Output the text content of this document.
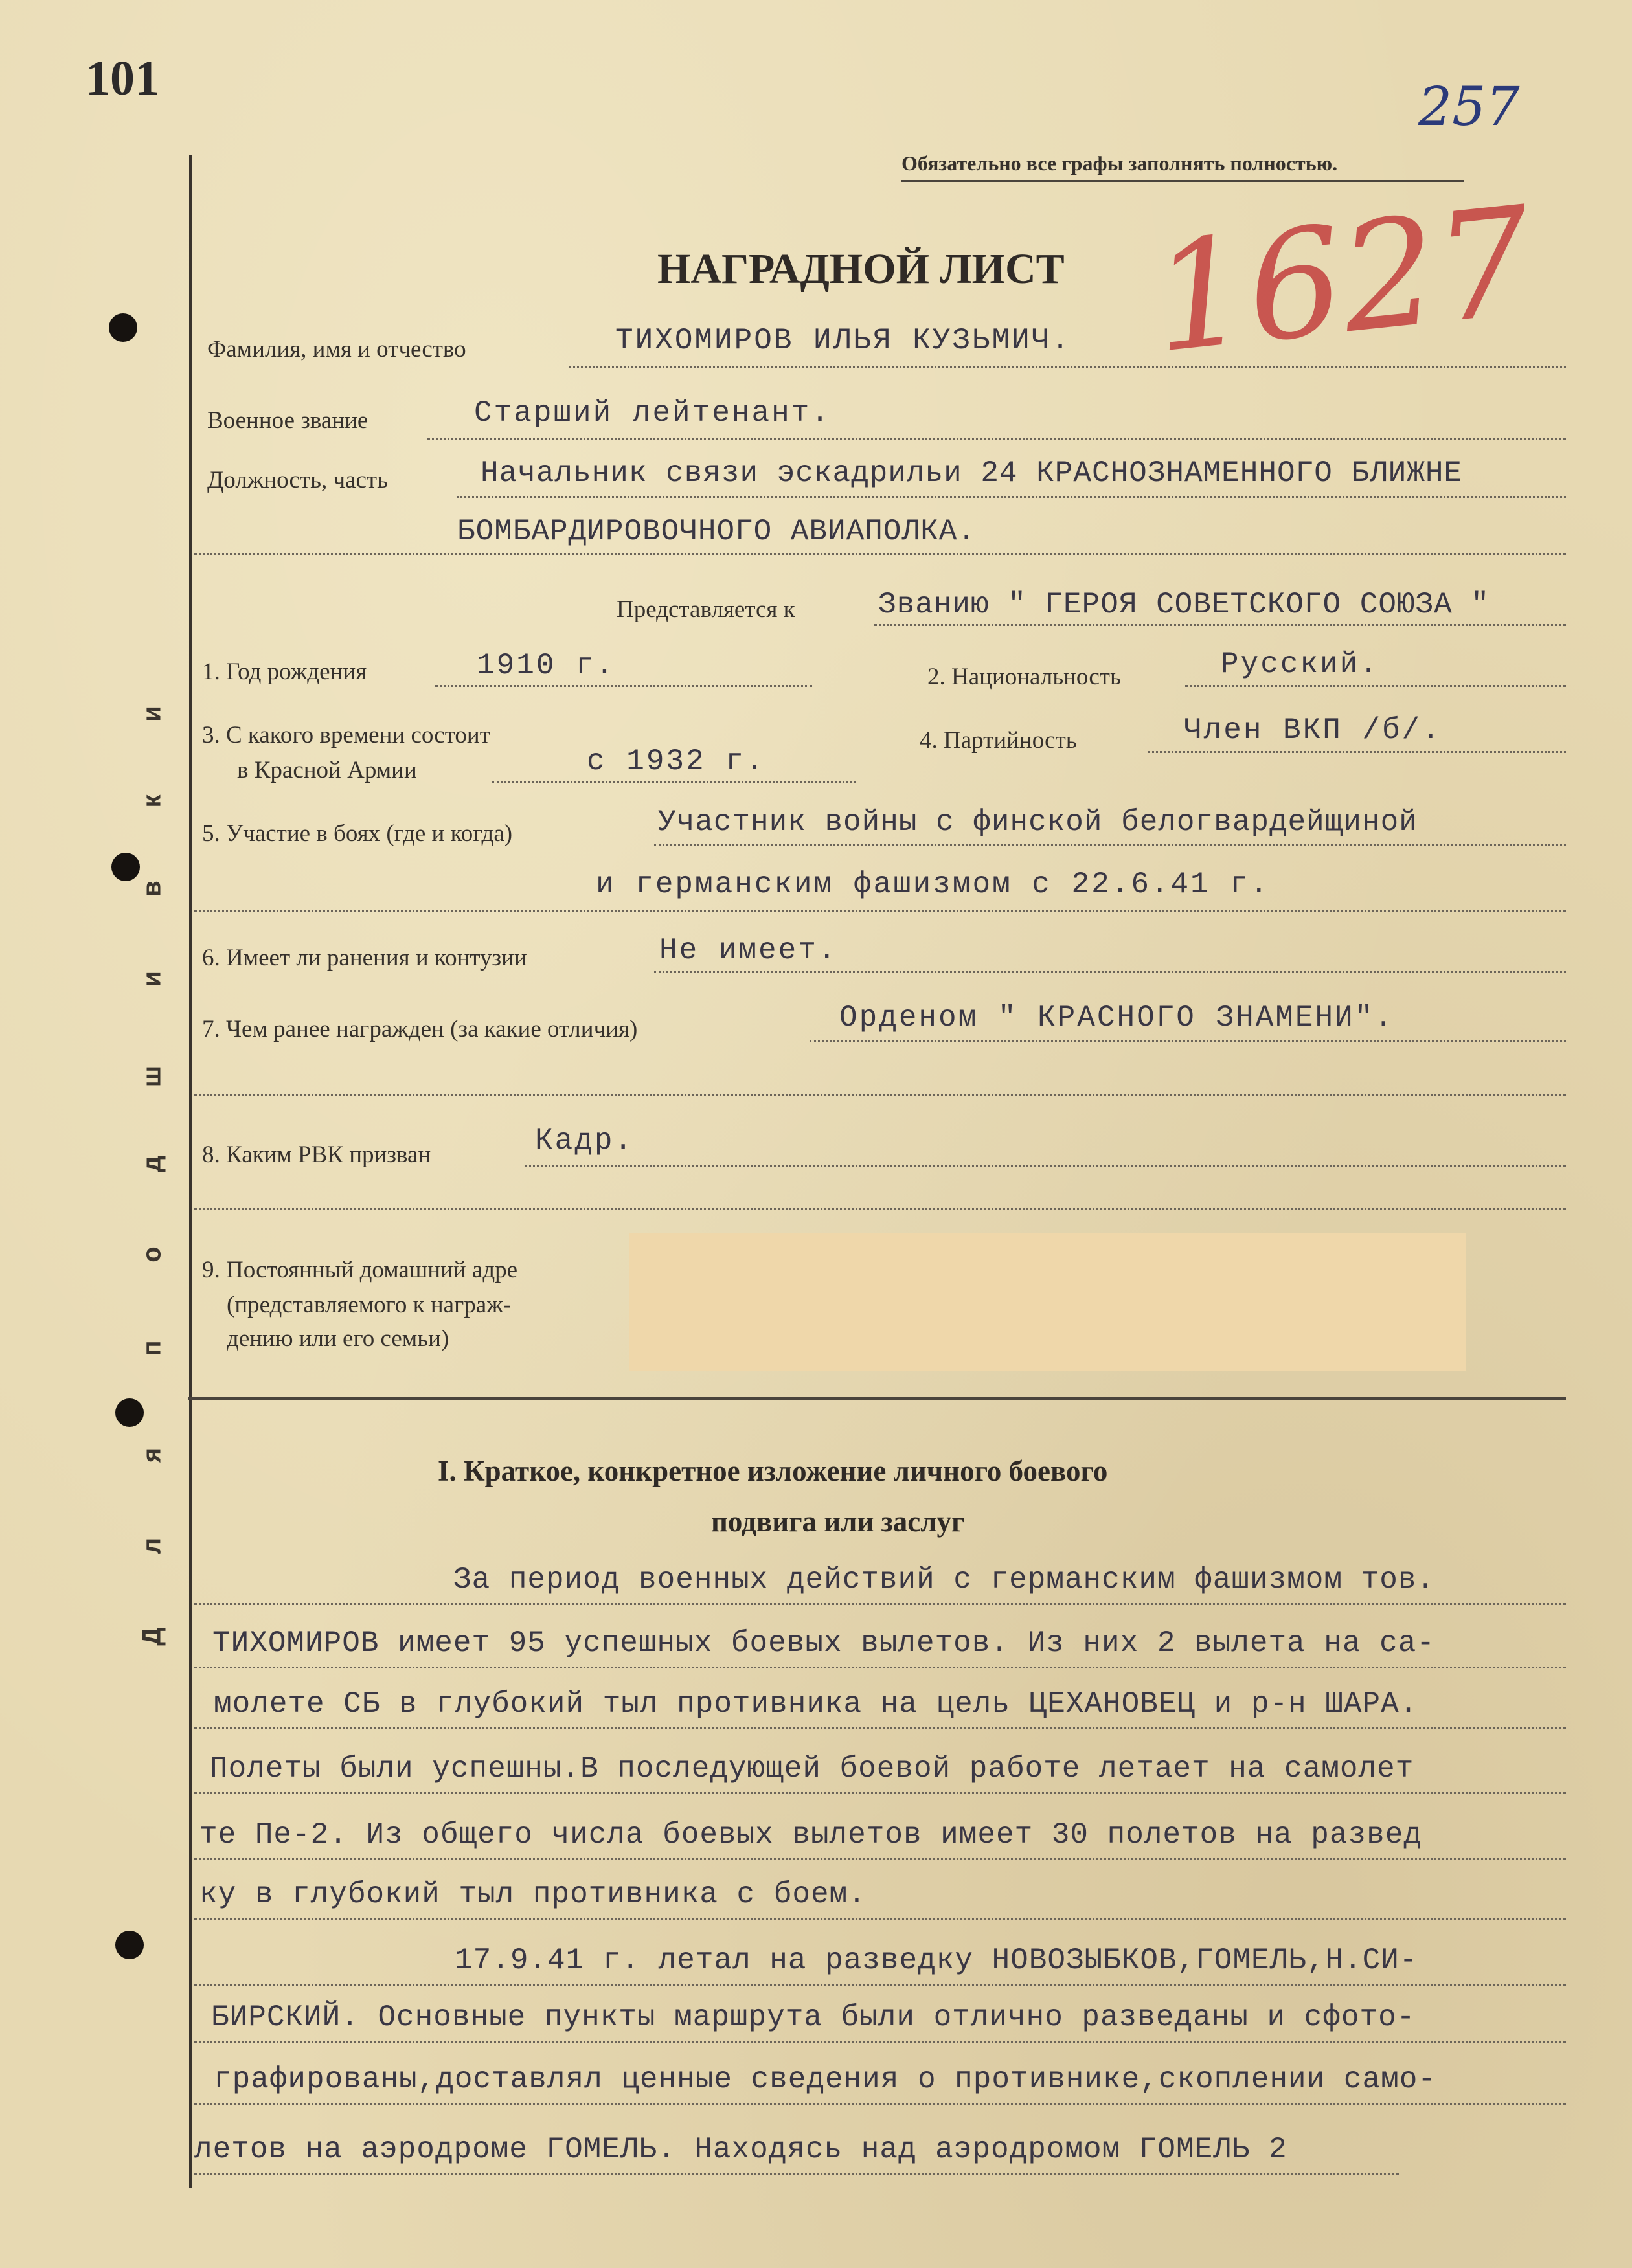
и
к
в
и
ш
д
о
п
я
л
Д
101	257
1627
Обязательно все графы заполнять полностью.
НАГРАДНОЙ ЛИСТ
Фамилия, имя и отчество	ТИХОМИРОВ ИЛЬЯ КУЗЬМИЧ.
Военное звание	Старший лейтенант.
Должность, часть	Начальник связи эскадрильи 24 КРАСНОЗНАМЕННОГО БЛИЖНЕ
БОМБАРДИРОВОЧНОГО АВИАПОЛКА.
Представляется к	Званию " ГЕРОЯ СОВЕТСКОГО СОЮЗА "
1. Год рождения	1910 г.	2. Национальность	Русский.
3. С какого времени состоит
в Красной Армии	с 1932 г.
4. Партийность	Член ВКП /б/.
5. Участие в боях (где и когда)	Участник войны с финской белогвардейщиной
и германским фашизмом с 22.6.41 г.
6. Имеет ли ранения и контузии	Не имеет.
7. Чем ранее награжден (за какие отличия)	Орденом " КРАСНОГО ЗНАМЕНИ".
8. Каким РВК призван	Кадр.
9. Постоянный домашний адре
(представляемого к награж-
дению или его семьи)
I. Краткое, конкретное изложение личного боевого
подвига или заслуг
За период военных действий с германским фашизмом тов.
ТИХОМИРОВ имеет 95 успешных боевых вылетов. Из них 2 вылета на са-
молете СБ в глубокий тыл противника на цель ЦЕХАНОВЕЦ и р-н ШАРА.
Полеты были успешны.В последующей боевой работе летает на самолет
те Пе-2. Из общего числа боевых вылетов имеет 30 полетов на развед
ку в глубокий тыл противника с боем.
17.9.41 г. летал на разведку НОВОЗЫБКОВ,ГОМЕЛЬ,Н.СИ-
БИРСКИЙ. Основные пункты маршрута были отлично разведаны и сфото-
графированы,доставлял ценные сведения о противнике,скоплении само-
летов на аэродроме ГОМЕЛЬ. Находясь над аэродромом ГОМЕЛЬ 2
